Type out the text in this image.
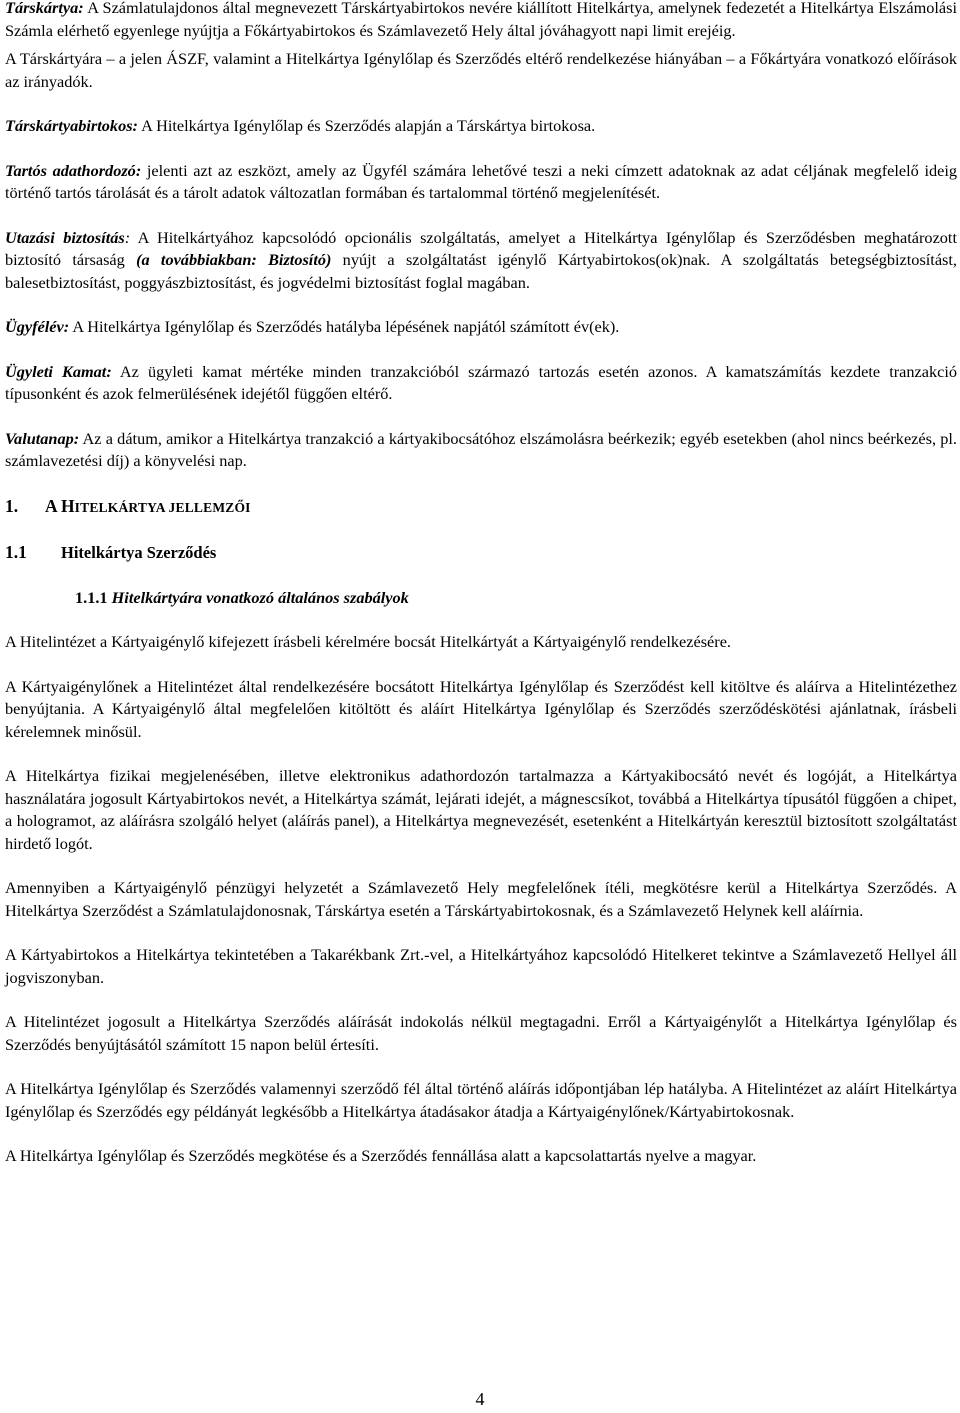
Társkártya: A Számlatulajdonos által megnevezett Társkártyabirtokos nevére kiállított Hitelkártya, amelynek fedezetét a Hitelkártya Elszámolási Számla elérhető egyenlege nyújtja a Főkártyabirtokos és Számlavezető Hely által jóváhagyott napi limit erejéig.

A Társkártyára – a jelen ÁSZF, valamint a Hitelkártya Igénylőlap és Szerződés eltérő rendelkezése hiányában – a Főkártyára vonatkozó előírások az irányadók.

Társkártyabirtokos: A Hitelkártya Igénylőlap és Szerződés alapján a Társkártya birtokosa.

Tartós adathordozó: jelenti azt az eszközt, amely az Ügyfél számára lehetővé teszi a neki címzett adatoknak az adat céljának megfelelő ideig történő tartós tárolását és a tárolt adatok változatlan formában és tartalommal történő megjelenítését.

Utazási biztosítás: A Hitelkártyához kapcsolódó opcionális szolgáltatás, amelyet a Hitelkártya Igénylőlap és Szerződésben meghatározott biztosító társaság (a továbbiakban: Biztosító) nyújt a szolgáltatást igénylő Kártyabirtokos(ok)nak. A szolgáltatás betegségbiztosítást, balesetbiztosítást, poggyászbiztosítást, és jogvédelmi biztosítást foglal magában.

Ügyfélév: A Hitelkártya Igénylőlap és Szerződés hatályba lépésének napjától számított év(ek).

Ügyleti Kamat: Az ügyleti kamat mértéke minden tranzakcióból származó tartozás esetén azonos. A kamatszámítás kezdete tranzakció típusonként és azok felmerülésének idejétől függően eltérő.

Valutanap: Az a dátum, amikor a Hitelkártya tranzakció a kártyakibocsátóhoz elszámolásra beérkezik; egyéb esetekben (ahol nincs beérkezés, pl. számlavezetési díj) a könyvelési nap.

1. A HITELKÁRTYA JELLEMZŐI
1.1 Hitelkártya Szerződés
1.1.1 Hitelkártyára vonatkozó általános szabályok

A Hitelintézet a Kártyaigénylő kifejezett írásbeli kérelmére bocsát Hitelkártyát a Kártyaigénylő rendelkezésére.

A Kártyaigénylőnek a Hitelintézet által rendelkezésére bocsátott Hitelkártya Igénylőlap és Szerződést kell kitöltve és aláírva a Hitelintézethez benyújtania. A Kártyaigénylő által megfelelően kitöltött és aláírt Hitelkártya Igénylőlap és Szerződés szerződéskötési ajánlatnak, írásbeli kérelemnek minősül.

A Hitelkártya fizikai megjelenésében, illetve elektronikus adathordozón tartalmazza a Kártyakibocsátó nevét és logóját, a Hitelkártya használatára jogosult Kártyabirtokos nevét, a Hitelkártya számát, lejárati idejét, a mágnescsíkot, továbbá a Hitelkártya típusától függően a chipet, a hologramot, az aláírásra szolgáló helyet (aláírás panel), a Hitelkártya megnevezését, esetenként a Hitelkártyán keresztül biztosított szolgáltatást hirdető logót.

Amennyiben a Kártyaigénylő pénzügyi helyzetét a Számlavezető Hely megfelelőnek ítéli, megkötésre kerül a Hitelkártya Szerződés. A Hitelkártya Szerződést a Számlatulajdonosnak, Társkártya esetén a Társkártyabirtokosnak, és a Számlavezető Helynek kell aláírnia.

A Kártyabirtokos a Hitelkártya tekintetében a Takarékbank Zrt.-vel, a Hitelkártyához kapcsolódó Hitelkeret tekintve a Számlavezető Hellyel áll jogviszonyban.

A Hitelintézet jogosult a Hitelkártya Szerződés aláírását indokolás nélkül megtagadni. Erről a Kártyaigénylőt a Hitelkártya Igénylőlap és Szerződés benyújtásától számított 15 napon belül értesíti.

A Hitelkártya Igénylőlap és Szerződés valamennyi szerződő fél által történő aláírás időpontjában lép hatályba. A Hitelintézet az aláírt Hitelkártya Igénylőlap és Szerződés egy példányát legkésőbb a Hitelkártya átadásakor átadja a Kártyaigénylőnek/Kártyabirtokosnak.

A Hitelkártya Igénylőlap és Szerződés megkötése és a Szerződés fennállása alatt a kapcsolattartás nyelve a magyar.

4
